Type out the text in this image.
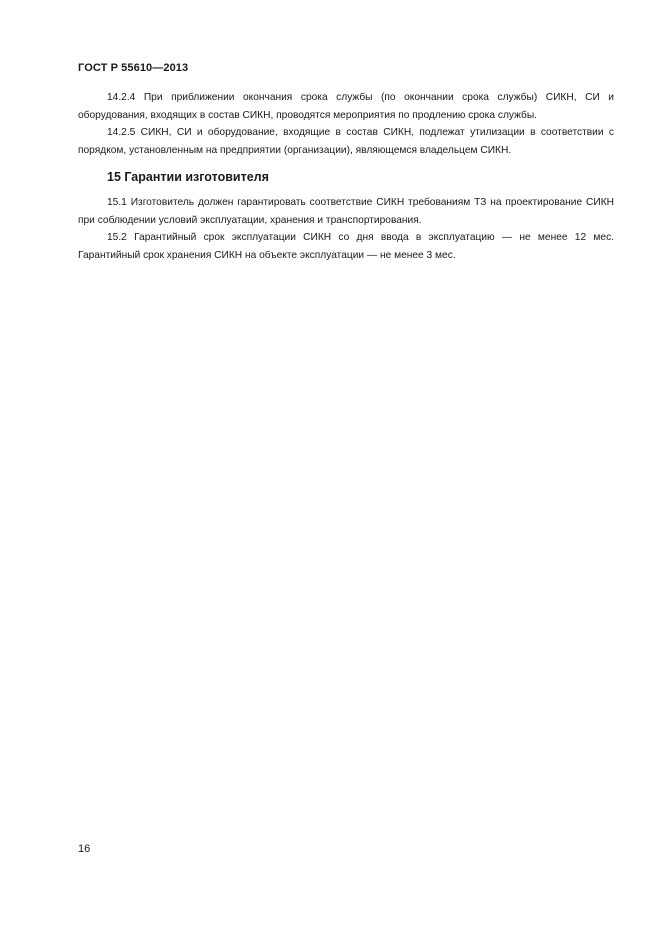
ГОСТ Р 55610—2013

14.2.4 При приближении окончания срока службы (по окончании срока службы) СИКН, СИ и оборудования, входящих в состав СИКН, проводятся мероприятия по продлению срока службы.

14.2.5 СИКН, СИ и оборудование, входящие в состав СИКН, подлежат утилизации в соответствии с порядком, установленным на предприятии (организации), являющемся владельцем СИКН.

15 Гарантии изготовителя

15.1 Изготовитель должен гарантировать соответствие СИКН требованиям ТЗ на проектирование СИКН при соблюдении условий эксплуатации, хранения и транспортирования.

15.2 Гарантийный срок эксплуатации СИКН со дня ввода в эксплуатацию — не менее 12 мес. Гарантийный срок хранения СИКН на объекте эксплуатации — не менее 3 мес.

16
